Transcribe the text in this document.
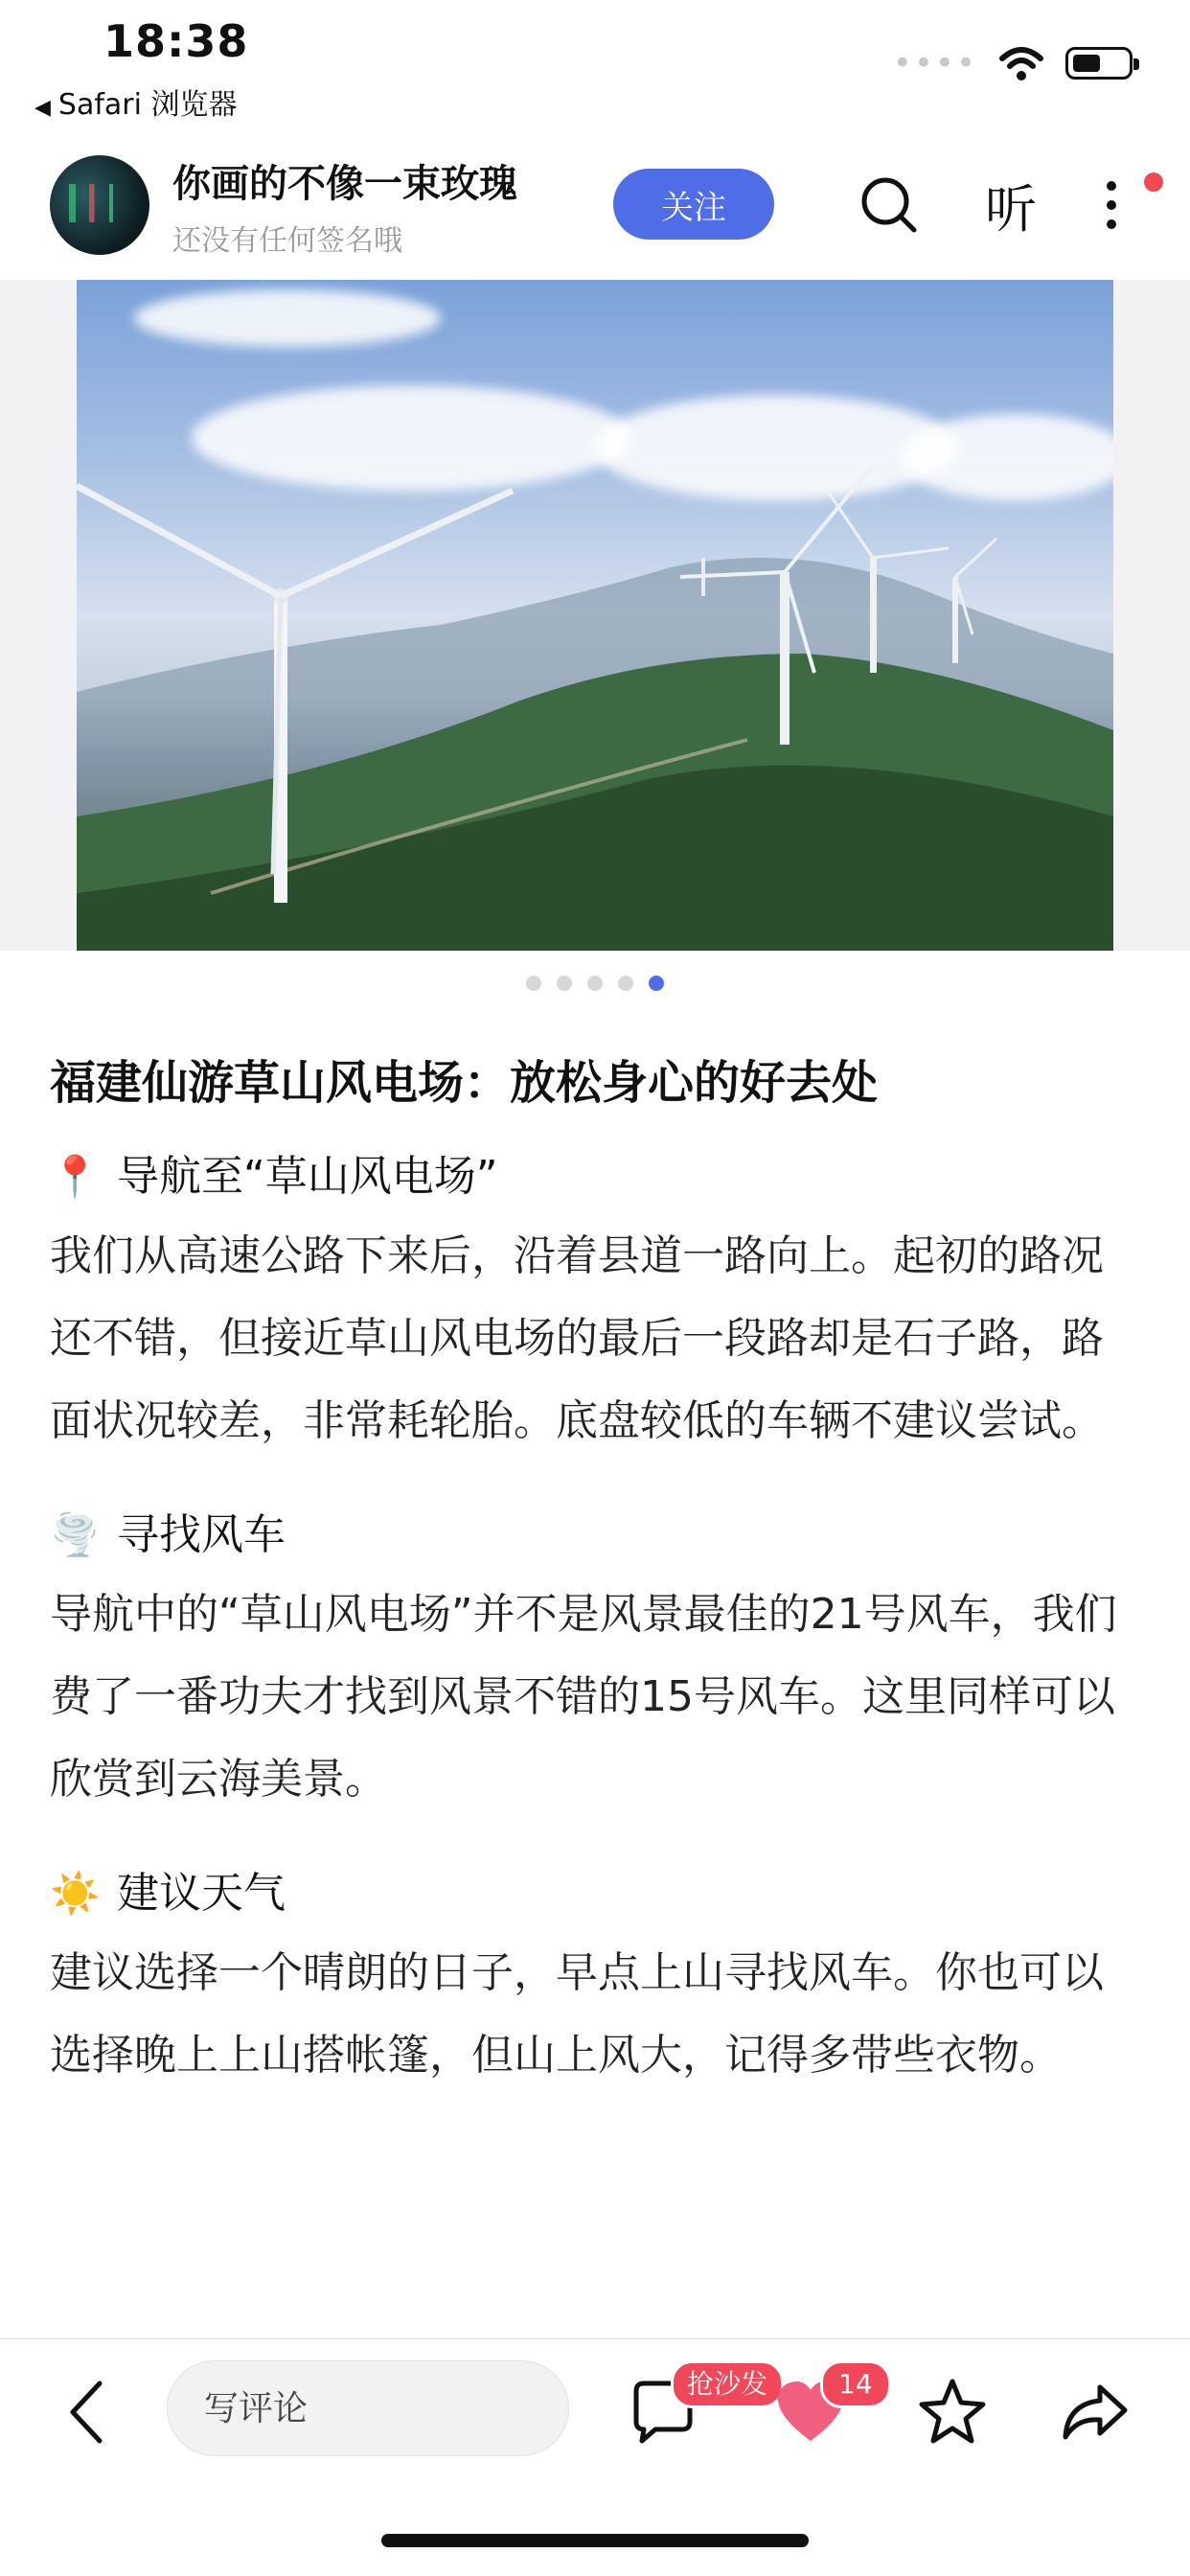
18:38
◀ Safari 浏览器
••••
你画的不像一束玫瑰
还没有任何签名哦
关注	听
福建仙游草山风电场：放松身心的好去处

📍 导航至“草山风电场”

我们从高速公路下来后，沿着县道一路向上。起初的路况还不错，但接近草山风电场的最后一段路却是石子路，路面状况较差，非常耗轮胎。底盘较低的车辆不建议尝试。

🌪️ 寻找风车

导航中的“草山风电场”并不是风景最佳的21号风车，我们费了一番功夫才找到风景不错的15号风车。这里同样可以欣赏到云海美景。

☀️ 建议天气

建议选择一个晴朗的日子，早点上山寻找风车。你也可以选择晚上上山搭帐篷，但山上风大，记得多带些衣物。

写评论
抢沙发	14
